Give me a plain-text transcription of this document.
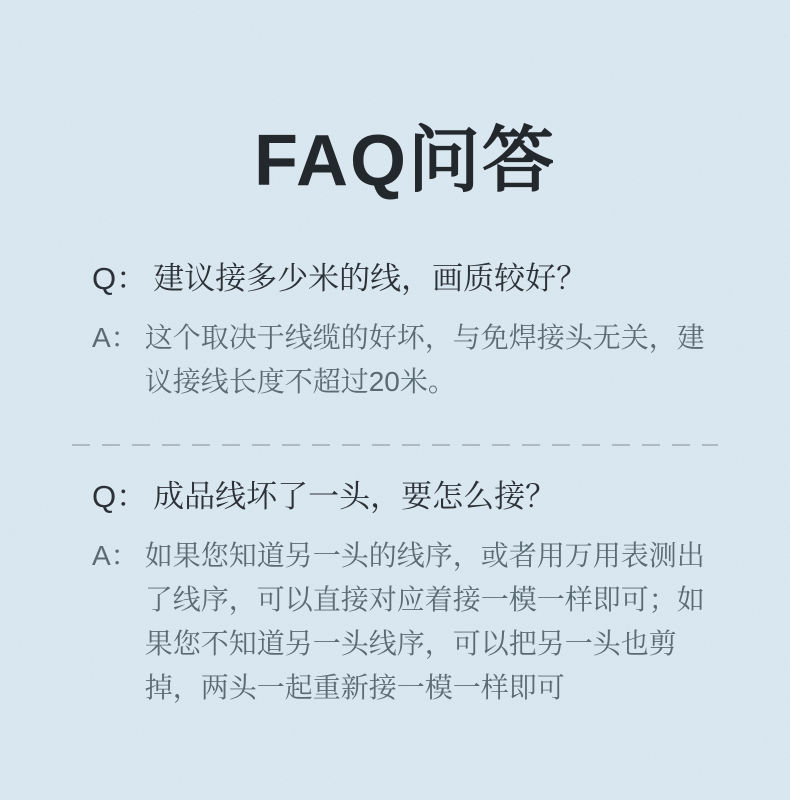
FAQ问答
Q： 建议接多少米的线，画质较好？
A： 这个取决于线缆的好坏，与免焊接头无关，建议接线长度不超过20米。
Q： 成品线坏了一头，要怎么接？
A： 如果您知道另一头的线序，或者用万用表测出了线序，可以直接对应着接一模一样即可；如果您不知道另一头线序，可以把另一头也剪掉，两头一起重新接一模一样即可
